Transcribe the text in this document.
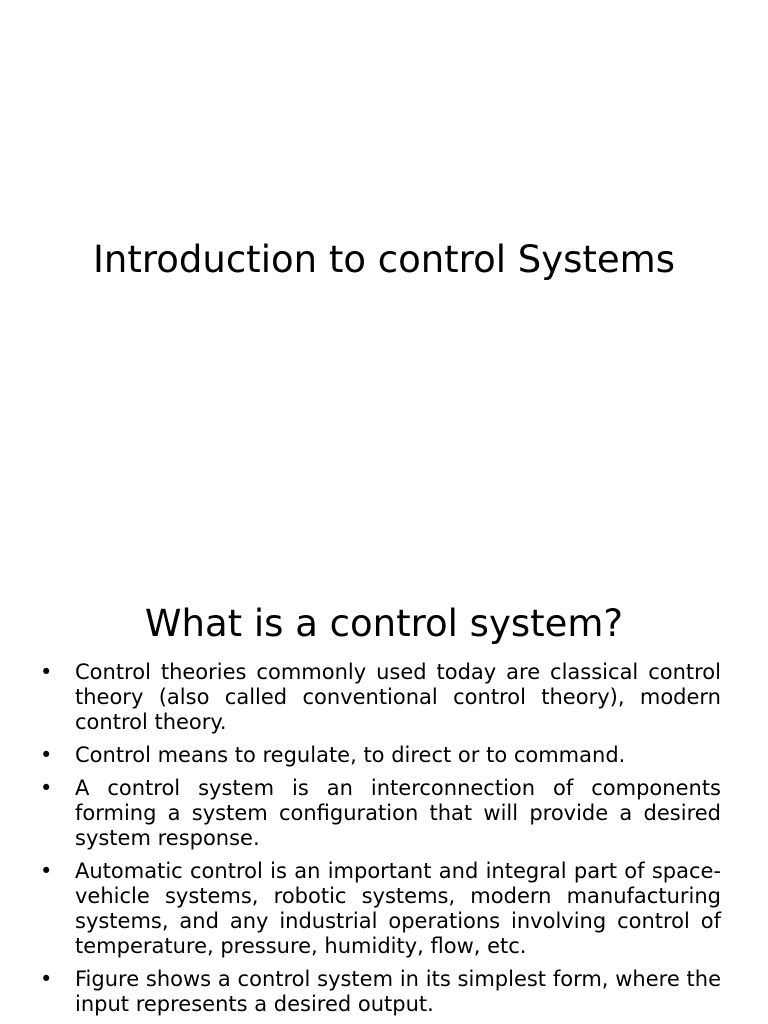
Introduction to control Systems
What is a control system?
•	Control theories commonly used today are classical control theory (also called conventional control theory), modern control theory.
•	Control means to regulate, to direct or to command.
•	A control system is an interconnection of components forming a system configuration that will provide a desired system response.
•	Automatic control is an important and integral part of space-vehicle systems, robotic systems, modern manufacturing systems, and any industrial operations involving control of temperature, pressure, humidity, flow, etc.
•	Figure shows a control system in its simplest form, where the input represents a desired output.
